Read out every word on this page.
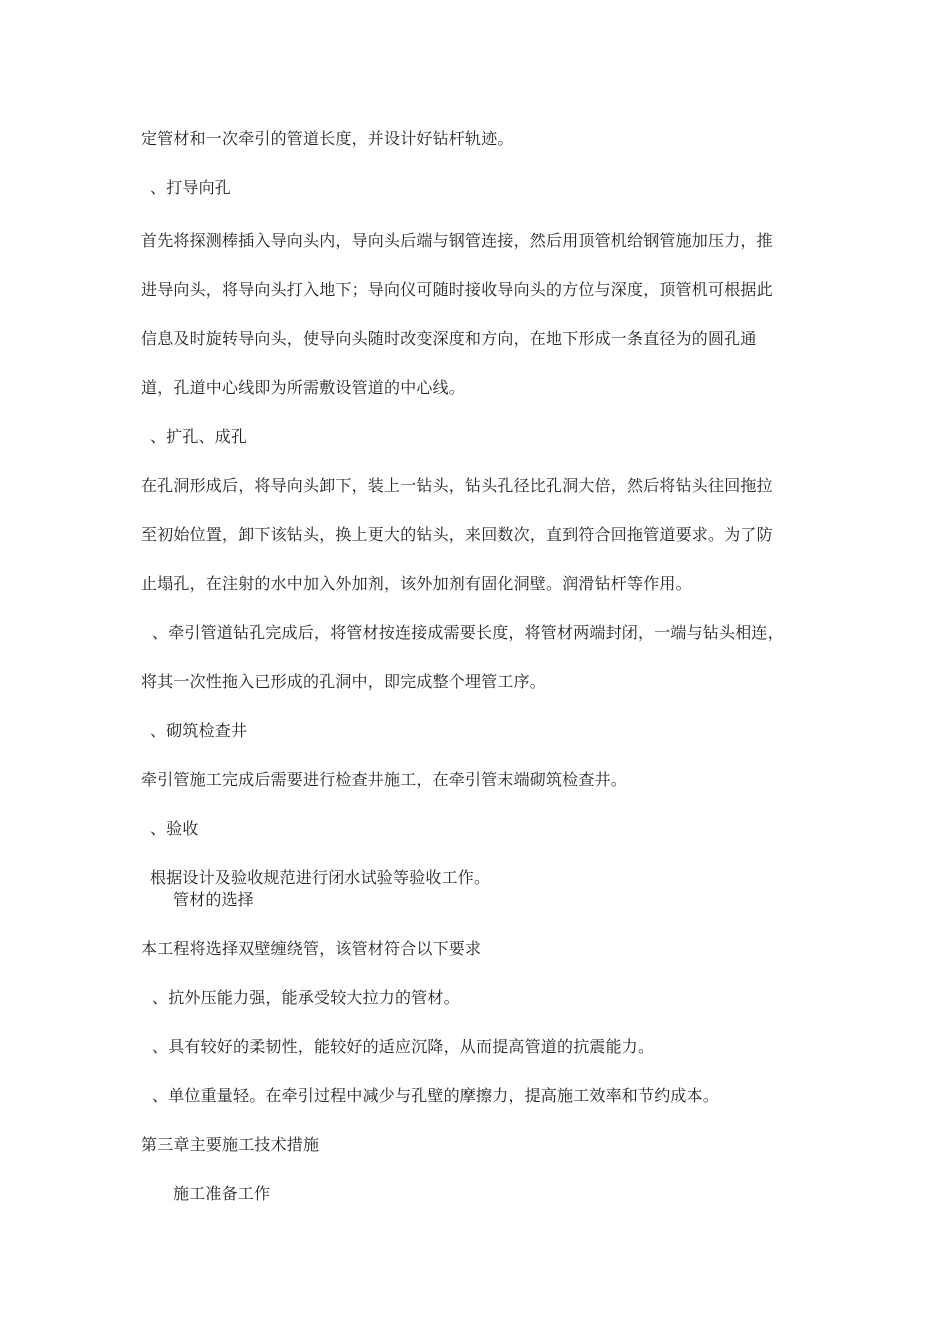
定管材和一次牵引的管道长度，并设计好钻杆轨迹。
、打导向孔
首先将探测棒插入导向头内，导向头后端与钢管连接，然后用顶管机给钢管施加压力，推
进导向头，将导向头打入地下；导向仪可随时接收导向头的方位与深度，顶管机可根据此
信息及时旋转导向头，使导向头随时改变深度和方向，在地下形成一条直径为的圆孔通
道，孔道中心线即为所需敷设管道的中心线。
、扩孔、成孔
在孔洞形成后，将导向头卸下，装上一钻头，钻头孔径比孔洞大倍，然后将钻头往回拖拉
至初始位置，卸下该钻头，换上更大的钻头，来回数次，直到符合回拖管道要求。为了防
止塌孔，在注射的水中加入外加剂，该外加剂有固化洞壁。润滑钻杆等作用。
、牵引管道钻孔完成后，将管材按连接成需要长度，将管材两端封闭，一端与钻头相连，
将其一次性拖入已形成的孔洞中，即完成整个埋管工序。
、砌筑检查井
牵引管施工完成后需要进行检查井施工，在牵引管末端砌筑检查井。
、验收
根据设计及验收规范进行闭水试验等验收工作。
管材的选择
本工程将选择双壁缠绕管，该管材符合以下要求
、抗外压能力强，能承受较大拉力的管材。
、具有较好的柔韧性，能较好的适应沉降，从而提高管道的抗震能力。
、单位重量轻。在牵引过程中减少与孔壁的摩擦力，提高施工效率和节约成本。
第三章主要施工技术措施
施工准备工作
